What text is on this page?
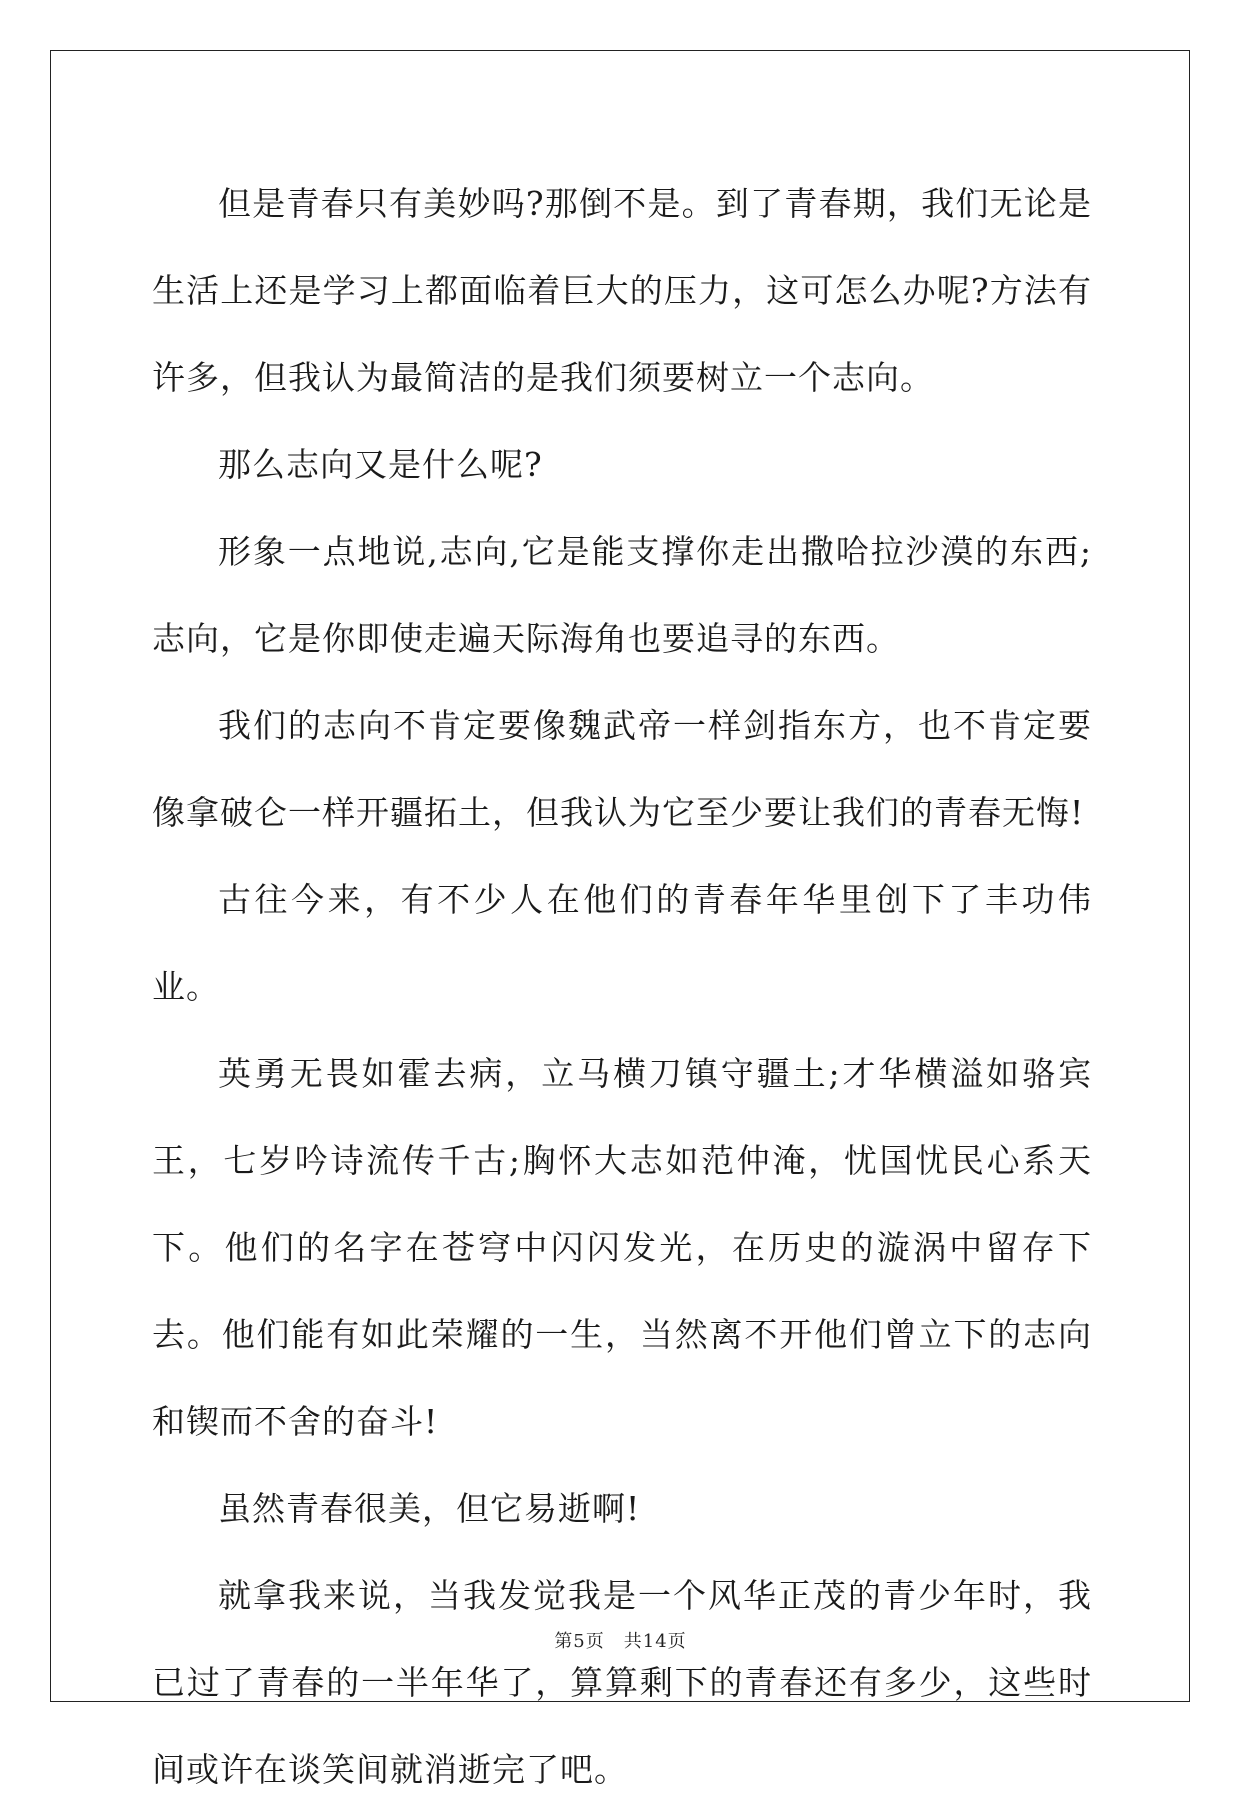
但是青春只有美妙吗?那倒不是。到了青春期，我们无论是生活上还是学习上都面临着巨大的压力，这可怎么办呢?方法有许多，但我认为最简洁的是我们须要树立一个志向。

那么志向又是什么呢?

形象一点地说,志向,它是能支撑你走出撒哈拉沙漠的东西;志向，它是你即使走遍天际海角也要追寻的东西。

我们的志向不肯定要像魏武帝一样剑指东方，也不肯定要像拿破仑一样开疆拓土，但我认为它至少要让我们的青春无悔!

古往今来，有不少人在他们的青春年华里创下了丰功伟业。

英勇无畏如霍去病，立马横刀镇守疆土;才华横溢如骆宾王，七岁吟诗流传千古;胸怀大志如范仲淹，忧国忧民心系天下。他们的名字在苍穹中闪闪发光，在历史的漩涡中留存下去。他们能有如此荣耀的一生，当然离不开他们曾立下的志向和锲而不舍的奋斗!

虽然青春很美，但它易逝啊!

就拿我来说，当我发觉我是一个风华正茂的青少年时，我已过了青春的一半年华了，算算剩下的青春还有多少，这些时间或许在谈笑间就消逝完了吧。

第5页　共14页
